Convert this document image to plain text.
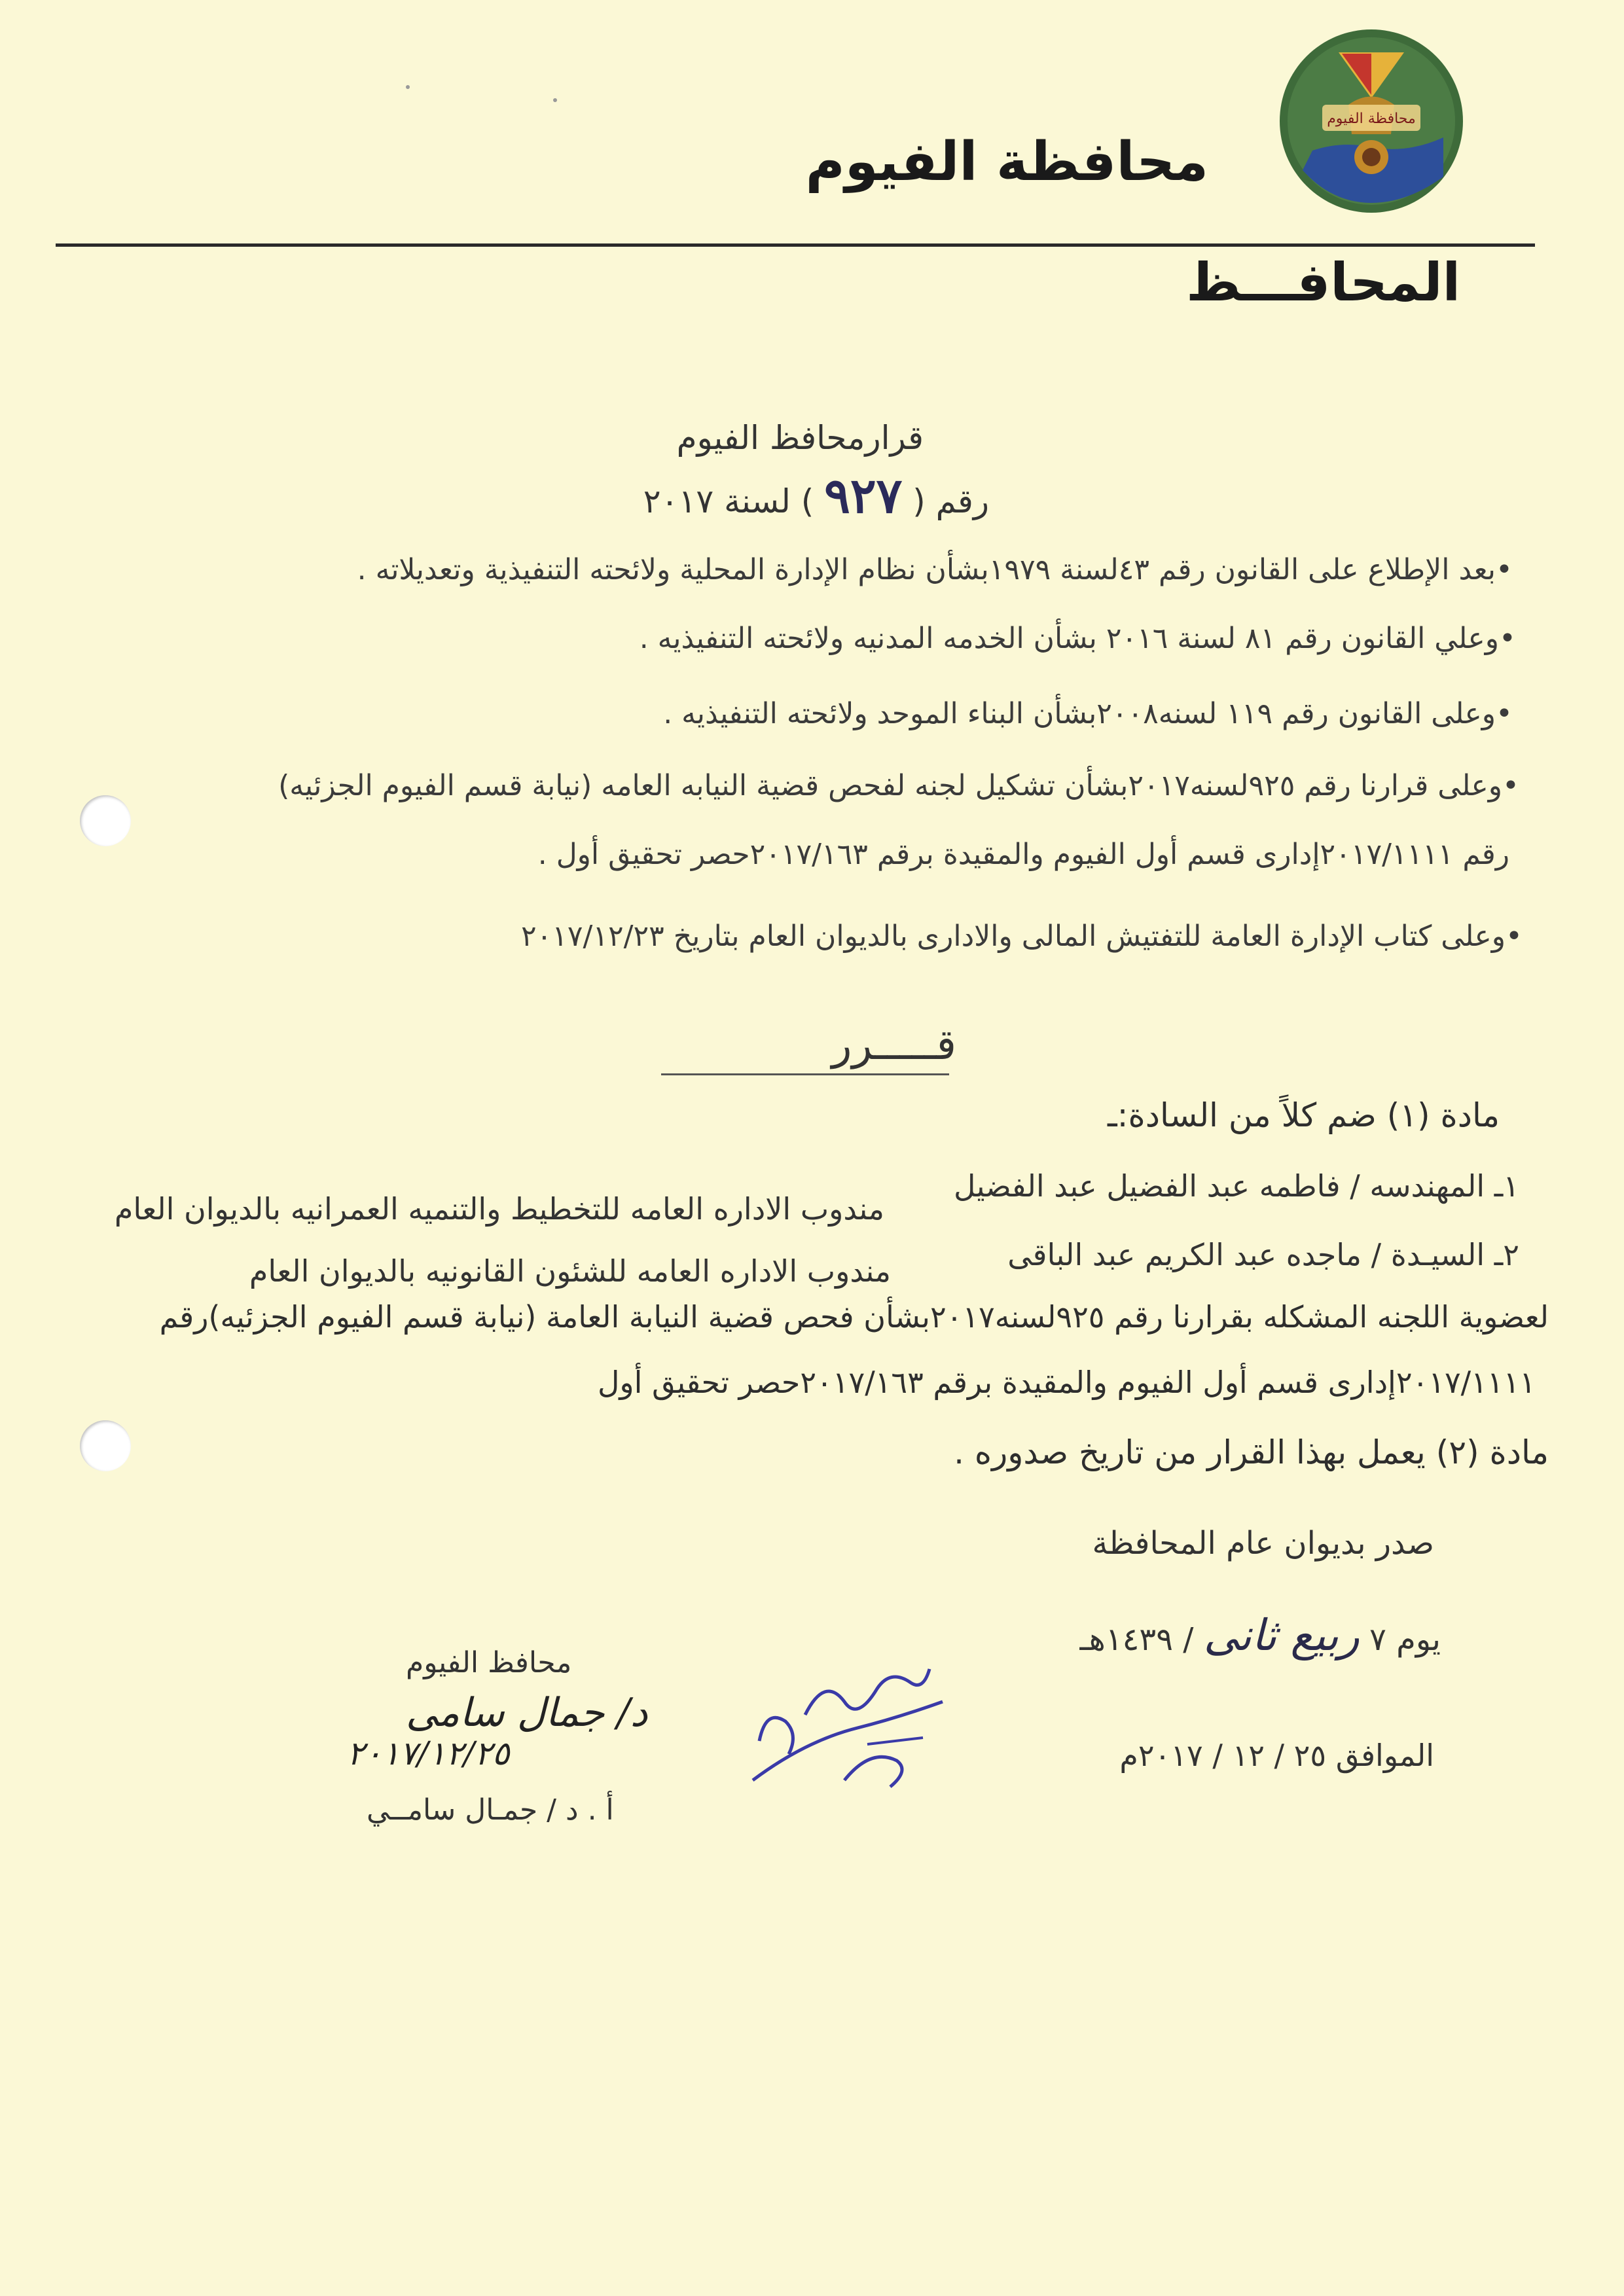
محافظة الفيوم
محافظة الفيوم
المحافـــظ
قرارمحافظ الفيوم
رقم ( ٩٢٧ ) لسنة ٢٠١٧
•بعد الإطلاع على القانون رقم ٤٣لسنة ١٩٧٩بشأن نظام الإدارة المحلية ولائحته التنفيذية وتعديلاته .
•وعلي القانون رقم ٨١ لسنة ٢٠١٦ بشأن الخدمه المدنيه ولائحته التنفيذيه .
•وعلى القانون رقم ١١٩ لسنه٢٠٠٨بشأن البناء الموحد ولائحته التنفيذيه .
•وعلى قرارنا رقم ٩٢٥لسنه٢٠١٧بشأن تشكيل لجنه لفحص قضية النيابه العامه (نيابة قسم الفيوم الجزئيه)
رقم ٢٠١٧/١١١١إدارى قسم أول الفيوم والمقيدة برقم ٢٠١٧/١٦٣حصر تحقيق أول .
•وعلى كتاب الإدارة العامة للتفتيش المالى والادارى بالديوان العام بتاريخ ٢٠١٧/١٢/٢٣
قـــــرر
مادة (١) ضم كلاً من السادة:ـ
١ـ المهندسه / فاطمه عبد الفضيل عبد الفضيل
مندوب الاداره العامه للتخطيط والتنميه العمرانيه بالديوان العام
٢ـ السيـدة / ماجده عبد الكريم عبد الباقى
مندوب الاداره العامه للشئون القانونيه بالديوان العام
لعضوية اللجنه المشكله بقرارنا رقم ٩٢٥لسنه٢٠١٧بشأن فحص قضية النيابة العامة (نيابة قسم الفيوم الجزئيه)رقم
٢٠١٧/١١١١إدارى قسم أول الفيوم والمقيدة برقم ٢٠١٧/١٦٣حصر تحقيق أول
مادة (٢) يعمل بهذا القرار من تاريخ صدوره .
صدر بديوان عام المحافظة
يوم ٧ ربيع ثانى / ١٤٣٩هـ
الموافق ٢٥ / ١٢ / ٢٠١٧م
محافظ الفيوم
د/ جمال سامى
٢٠١٧/١٢/٢٥
أ . د / جمـال سامــي
